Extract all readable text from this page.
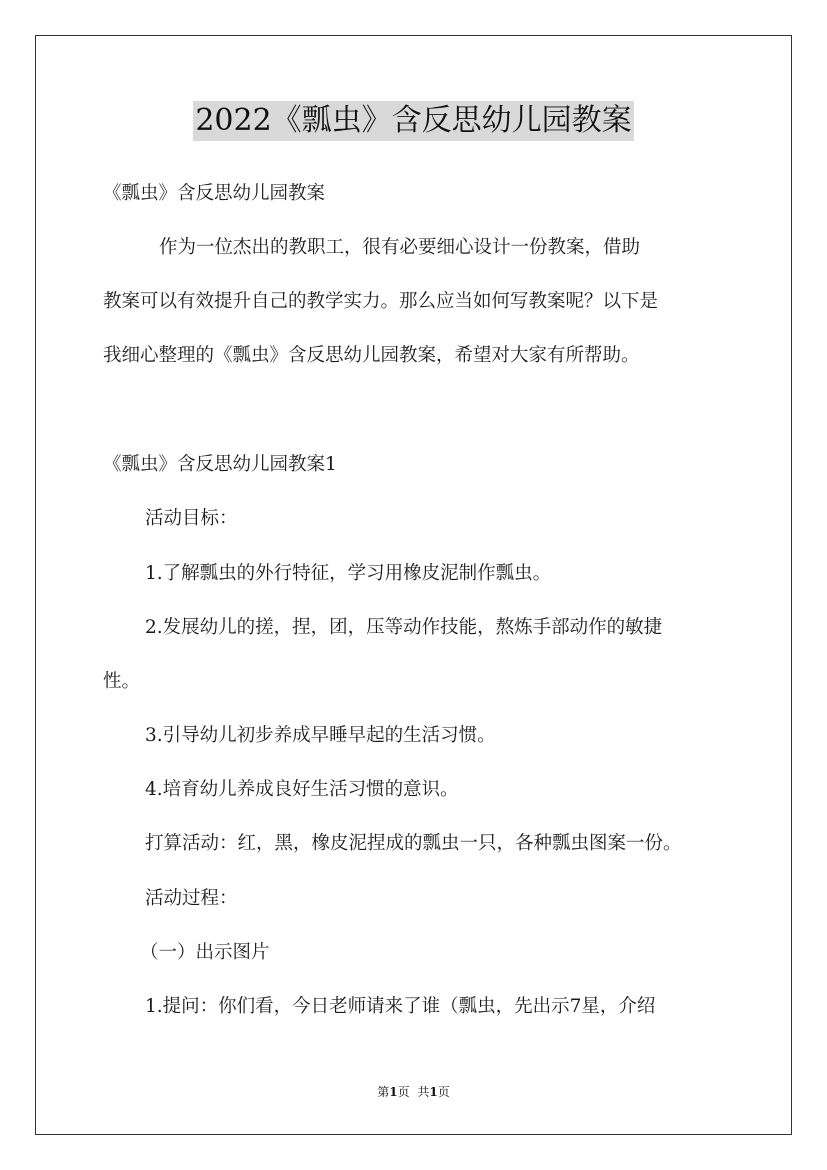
2022《瓢虫》含反思幼儿园教案
《瓢虫》含反思幼儿园教案
作为一位杰出的教职工，很有必要细心设计一份教案，借助
教案可以有效提升自己的教学实力。那么应当如何写教案呢？以下是
我细心整理的《瓢虫》含反思幼儿园教案，希望对大家有所帮助。
《瓢虫》含反思幼儿园教案1
活动目标：
1.了解瓢虫的外行特征，学习用橡皮泥制作瓢虫。
2.发展幼儿的搓，捏，团，压等动作技能，熬炼手部动作的敏捷
性。
3.引导幼儿初步养成早睡早起的生活习惯。
4.培育幼儿养成良好生活习惯的意识。
打算活动：红，黑，橡皮泥捏成的瓢虫一只，各种瓢虫图案一份。
活动过程：
（一）出示图片
1.提问：你们看，今日老师请来了谁（瓢虫，先出示7星，介绍
第1页 共1页
